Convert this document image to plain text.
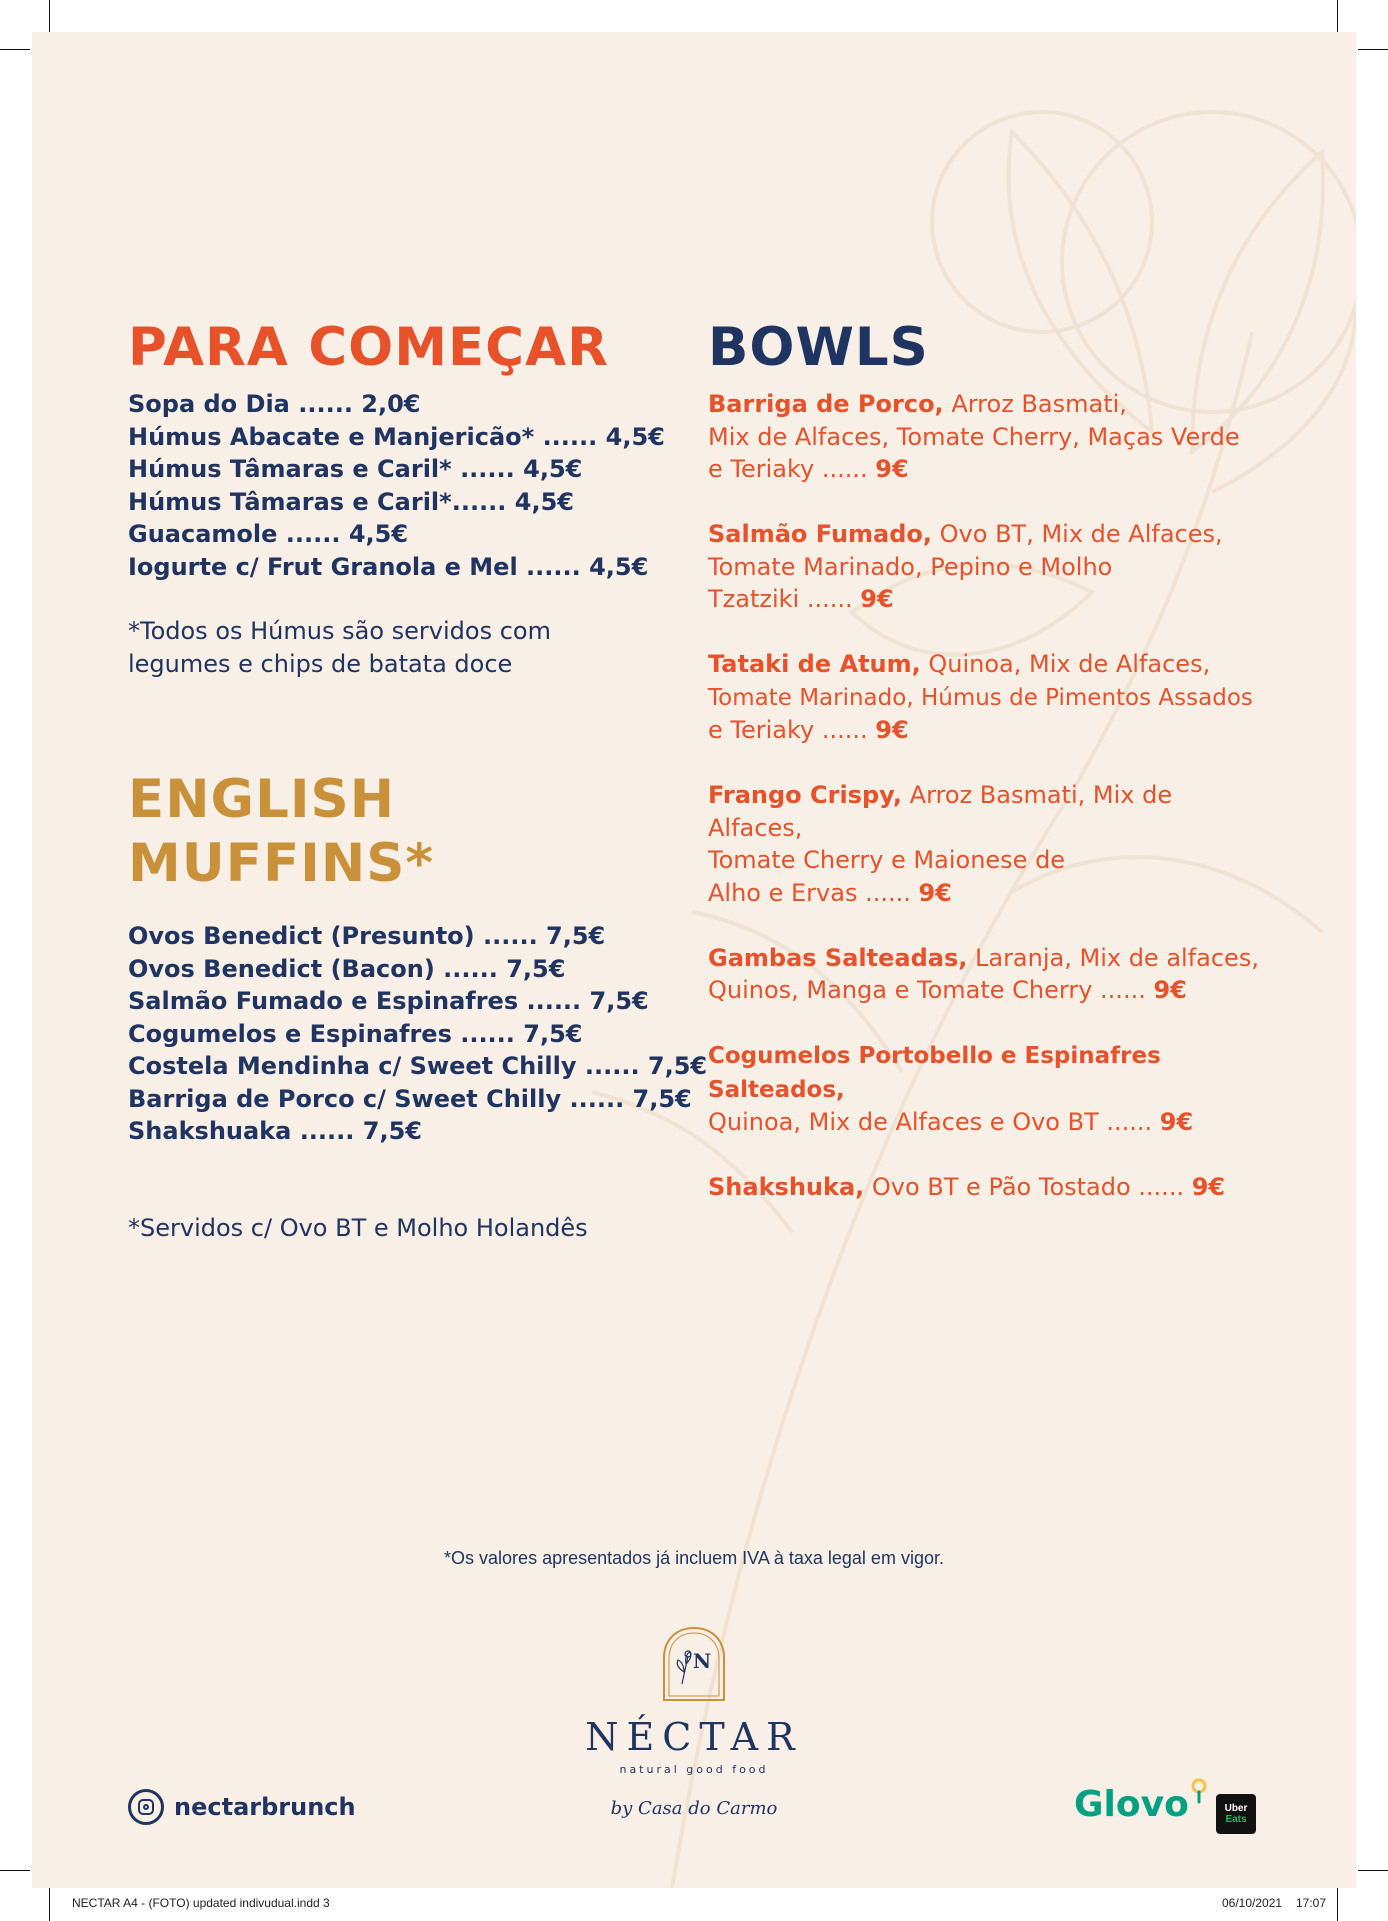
PARA COMEÇAR
Sopa do Dia ...... 2,0€
Húmus Abacate e Manjericão* ...... 4,5€
Húmus Tâmaras e Caril* ...... 4,5€
Húmus Tâmaras e Caril*...... 4,5€
Guacamole ...... 4,5€
Iogurte c/ Frut Granola e Mel ...... 4,5€

*Todos os Húmus são servidos com

legumes e chips de batata doce

ENGLISH
MUFFINS*
Ovos Benedict (Presunto) ...... 7,5€
Ovos Benedict (Bacon) ...... 7,5€
Salmão Fumado e Espinafres ...... 7,5€
Cogumelos e Espinafres ...... 7,5€
Costela Mendinha c/ Sweet Chilly ...... 7,5€
Barriga de Porco c/ Sweet Chilly ...... 7,5€
Shakshuaka ...... 7,5€

*Servidos c/ Ovo BT e Molho Holandês

BOWLS

Barriga de Porco, Arroz Basmati,
Mix de Alfaces, Tomate Cherry, Maças Verde
e Teriaky ...... 9€

Salmão Fumado, Ovo BT, Mix de Alfaces,
Tomate Marinado, Pepino e Molho
Tzatziki ...... 9€

Tataki de Atum, Quinoa, Mix de Alfaces,
Tomate Marinado, Húmus de Pimentos Assados
e Teriaky ...... 9€

Frango Crispy, Arroz Basmati, Mix de Alfaces,
Tomate Cherry e Maionese de
Alho e Ervas ...... 9€

Gambas Salteadas, Laranja, Mix de alfaces,
Quinos, Manga e Tomate Cherry ...... 9€

Cogumelos Portobello e Espinafres Salteados,
Quinoa, Mix de Alfaces e Ovo BT ...... 9€

Shakshuka, Ovo BT e Pão Tostado ...... 9€

*Os valores apresentados já incluem IVA à taxa legal em vigor.
N
NÉCTAR
natural good food
by Casa do Carmo
nectarbrunch	Glovo	Uber
Eats
NECTAR A4 - (FOTO) updated indivudual.indd 3	06/10/2021 17:07
